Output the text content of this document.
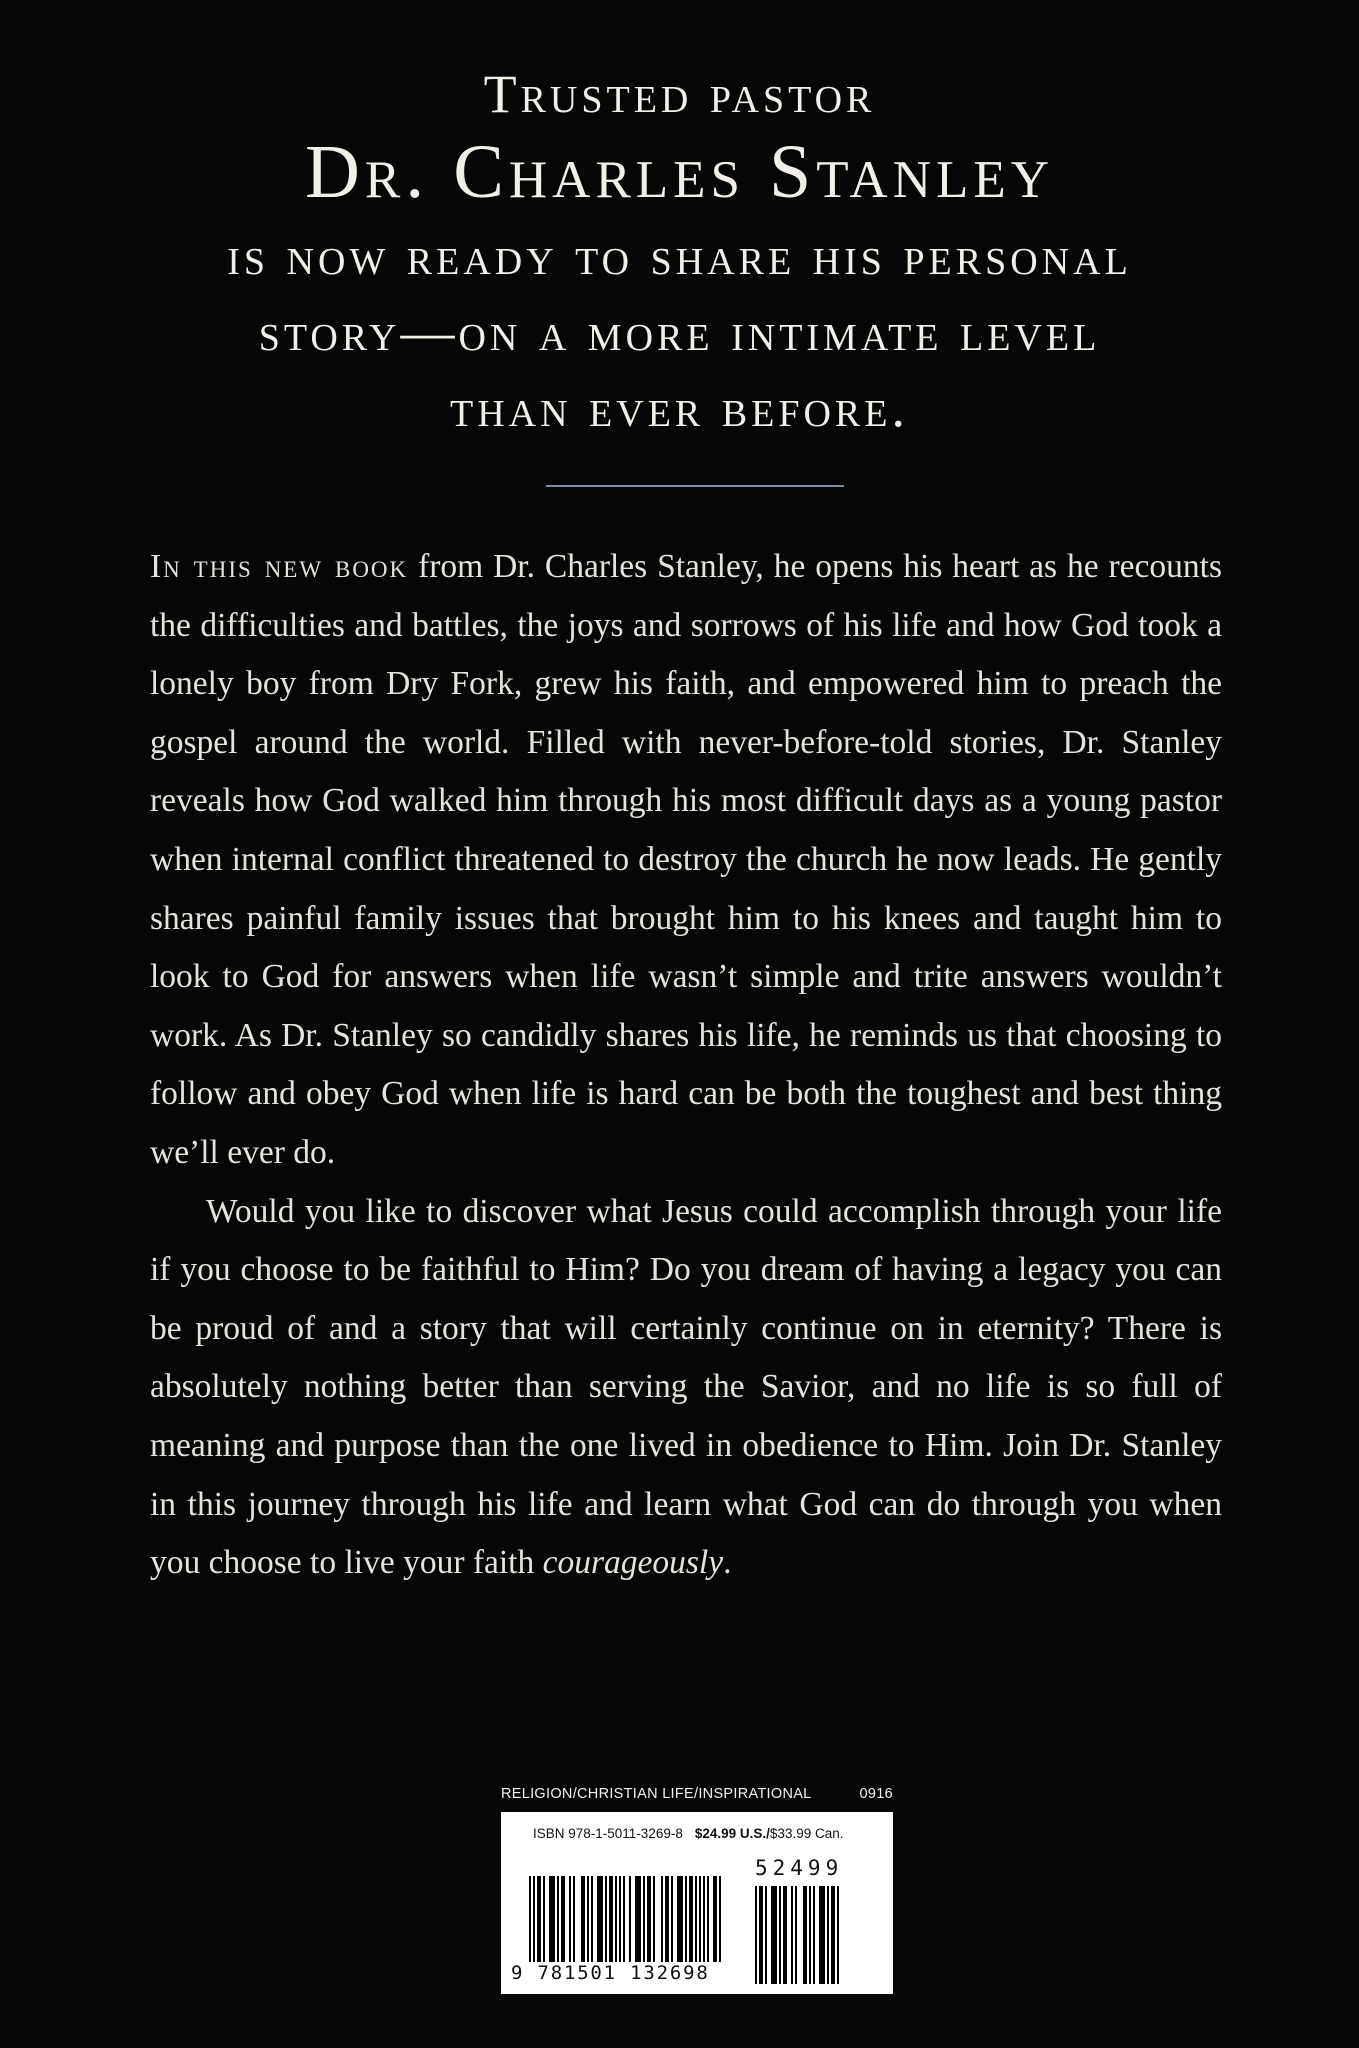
Trusted pastor
Dr. Charles Stanley
is now ready to share his personal
story—on a more intimate level
than ever before.

In this new book from Dr. Charles Stanley, he opens his heart as he recounts the difficulties and battles, the joys and sorrows of his life and how God took a lonely boy from Dry Fork, grew his faith, and empowered him to preach the gospel around the world. Filled with never-before-told stories, Dr. Stanley reveals how God walked him through his most difficult days as a young pastor when internal conflict threatened to destroy the church he now leads. He gently shares painful family issues that brought him to his knees and taught him to look to God for answers when life wasn’t simple and trite answers wouldn’t work. As Dr. Stanley so candidly shares his life, he reminds us that choosing to follow and obey God when life is hard can be both the toughest and best thing we’ll ever do.

Would you like to discover what Jesus could accomplish through your life if you choose to be faithful to Him? Do you dream of having a legacy you can be proud of and a story that will certainly continue on in eternity? There is absolutely nothing better than serving the Savior, and no life is so full of meaning and purpose than the one lived in obedience to Him. Join Dr. Stanley in this journey through his life and learn what God can do through you when you choose to live your faith courageously.

RELIGION/CHRISTIAN LIFE/INSPIRATIONAL	0916
ISBN 978-1-5011-3269-8 $24.99 U.S./$33.99 Can.
52499
9 781501 132698
